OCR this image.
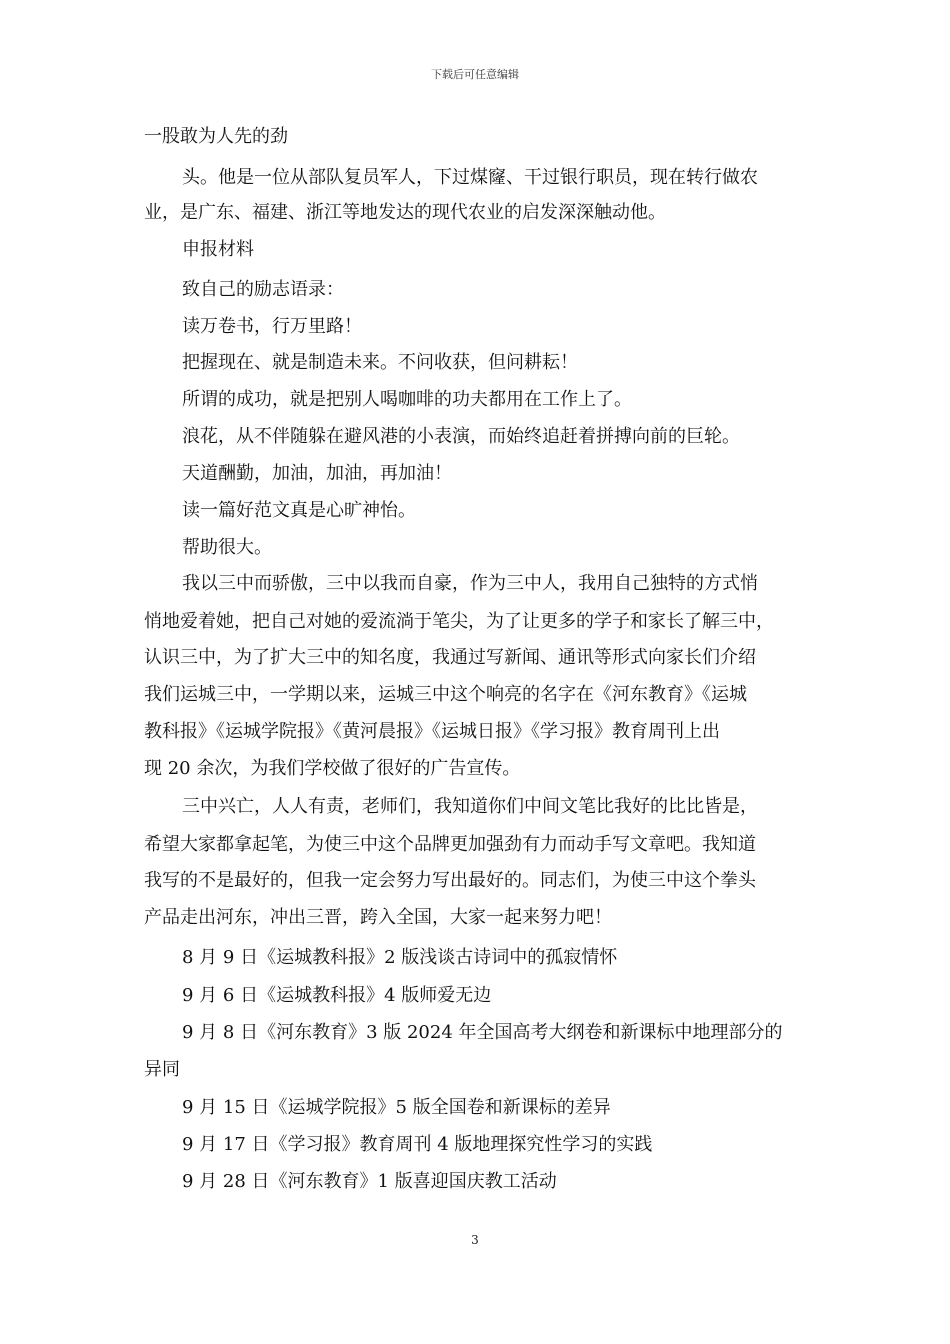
下载后可任意编辑
一股敢为人先的劲
头。他是一位从部队复员军人，下过煤窿、干过银行职员，现在转行做农
业，是广东、福建、浙江等地发达的现代农业的启发深深触动他。
申报材料
致自己的励志语录：
读万卷书，行万里路！
把握现在、就是制造未来。不问收获，但问耕耘！
所谓的成功，就是把别人喝咖啡的功夫都用在工作上了。
浪花，从不伴随躲在避风港的小表演，而始终追赶着拼搏向前的巨轮。
天道酬勤，加油，加油，再加油！
读一篇好范文真是心旷神怡。
帮助很大。
我以三中而骄傲，三中以我而自豪，作为三中人，我用自己独特的方式悄
悄地爱着她，把自己对她的爱流淌于笔尖，为了让更多的学子和家长了解三中，
认识三中，为了扩大三中的知名度，我通过写新闻、通讯等形式向家长们介绍
我们运城三中，一学期以来，运城三中这个响亮的名字在《河东教育》《运城
教科报》《运城学院报》《黄河晨报》《运城日报》《学习报》教育周刊上出
现 20 余次，为我们学校做了很好的广告宣传。
三中兴亡，人人有责，老师们，我知道你们中间文笔比我好的比比皆是，
希望大家都拿起笔，为使三中这个品牌更加强劲有力而动手写文章吧。我知道
我写的不是最好的，但我一定会努力写出最好的。同志们，为使三中这个拳头
产品走出河东，冲出三晋，跨入全国，大家一起来努力吧！
8 月 9 日《运城教科报》2 版浅谈古诗词中的孤寂情怀
9 月 6 日《运城教科报》4 版师爱无边
9 月 8 日《河东教育》3 版 2024 年全国高考大纲卷和新课标中地理部分的
异同
9 月 15 日《运城学院报》5 版全国卷和新课标的差异
9 月 17 日《学习报》教育周刊 4 版地理探究性学习的实践
9 月 28 日《河东教育》1 版喜迎国庆教工活动
3
